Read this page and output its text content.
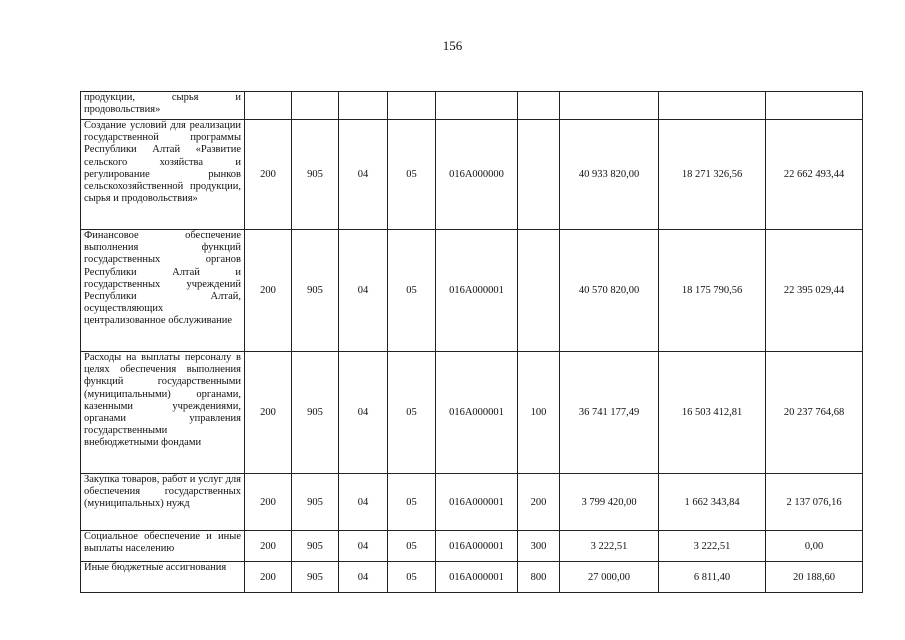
156
продукции, сырья и продовольствия»									
Создание условий для реализации государственной программы Республики Алтай «Развитие сельского хозяйства и регулирование рынков сельскохозяйственной продукции, сырья и продовольствия»	200	905	04	05	016A000000		40 933 820,00	18 271 326,56	22 662 493,44
Финансовое обеспечение выполнения функций государственных органов Республики Алтай и государственных учреждений Республики Алтай, осуществляющих централизованное обслуживание	200	905	04	05	016A000001		40 570 820,00	18 175 790,56	22 395 029,44
Расходы на выплаты персоналу в целях обеспечения выполнения функций государственными (муниципальными) органами, казенными учреждениями, органами управления государственными внебюджетными фондами	200	905	04	05	016A000001	100	36 741 177,49	16 503 412,81	20 237 764,68
Закупка товаров, работ и услуг для обеспечения государственных (муниципальных) нужд	200	905	04	05	016A000001	200	3 799 420,00	1 662 343,84	2 137 076,16
Социальное обеспечение и иные выплаты населению	200	905	04	05	016A000001	300	3 222,51	3 222,51	0,00
Иные бюджетные ассигнования	200	905	04	05	016A000001	800	27 000,00	6 811,40	20 188,60
